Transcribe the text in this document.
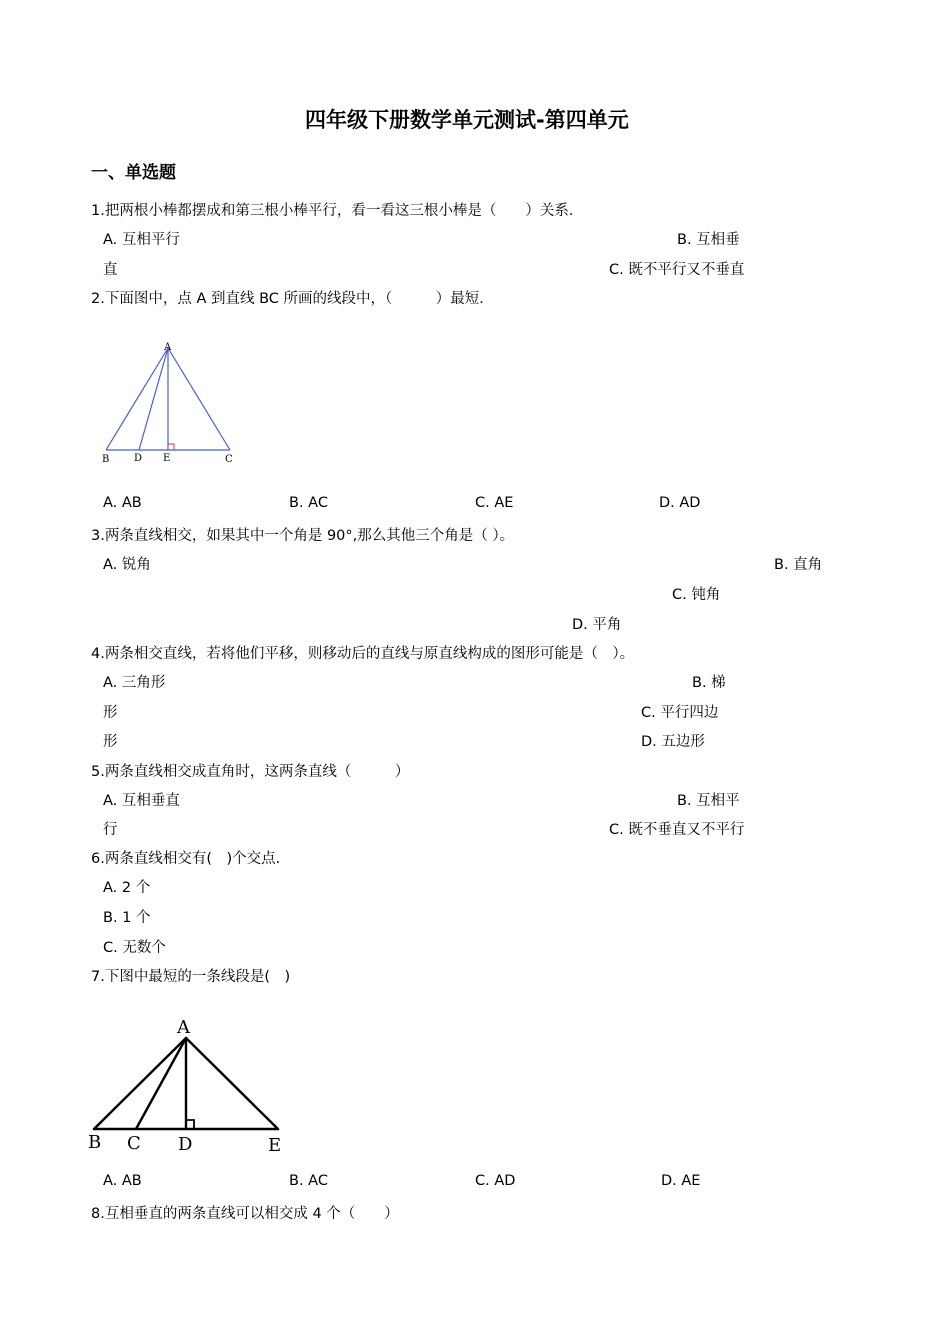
四年级下册数学单元测试-第四单元
一、单选题
1.把两根小棒都摆成和第三根小棒平行，看一看这三根小棒是（　　）关系．
A. 互相平行	B. 互相垂
直	C. 既不平行又不垂直
2.下面图中，点 A 到直线 BC 所画的线段中，（　　　）最短．
A
B D E	C
A. AB	B. AC	C. AE	D. AD
3.两条直线相交，如果其中一个角是 90°,那么其他三个角是（ ）。
A. 锐角	B. 直角
C. 钝角
D. 平角
4.两条相交直线，若将他们平移，则移动后的直线与原直线构成的图形可能是（　）。
A. 三角形	B. 梯
形	C. 平行四边
形	D. 五边形
5.两条直线相交成直角时，这两条直线（　　　）
A. 互相垂直	B. 互相平
行	C. 既不垂直又不平行
6.两条直线相交有(　)个交点．
A. 2 个
B. 1 个
C. 无数个
7.下图中最短的一条线段是(　)
A
B C D	E
A. AB	B. AC	C. AD	D. AE
8.互相垂直的两条直线可以相交成 4 个（　　）
